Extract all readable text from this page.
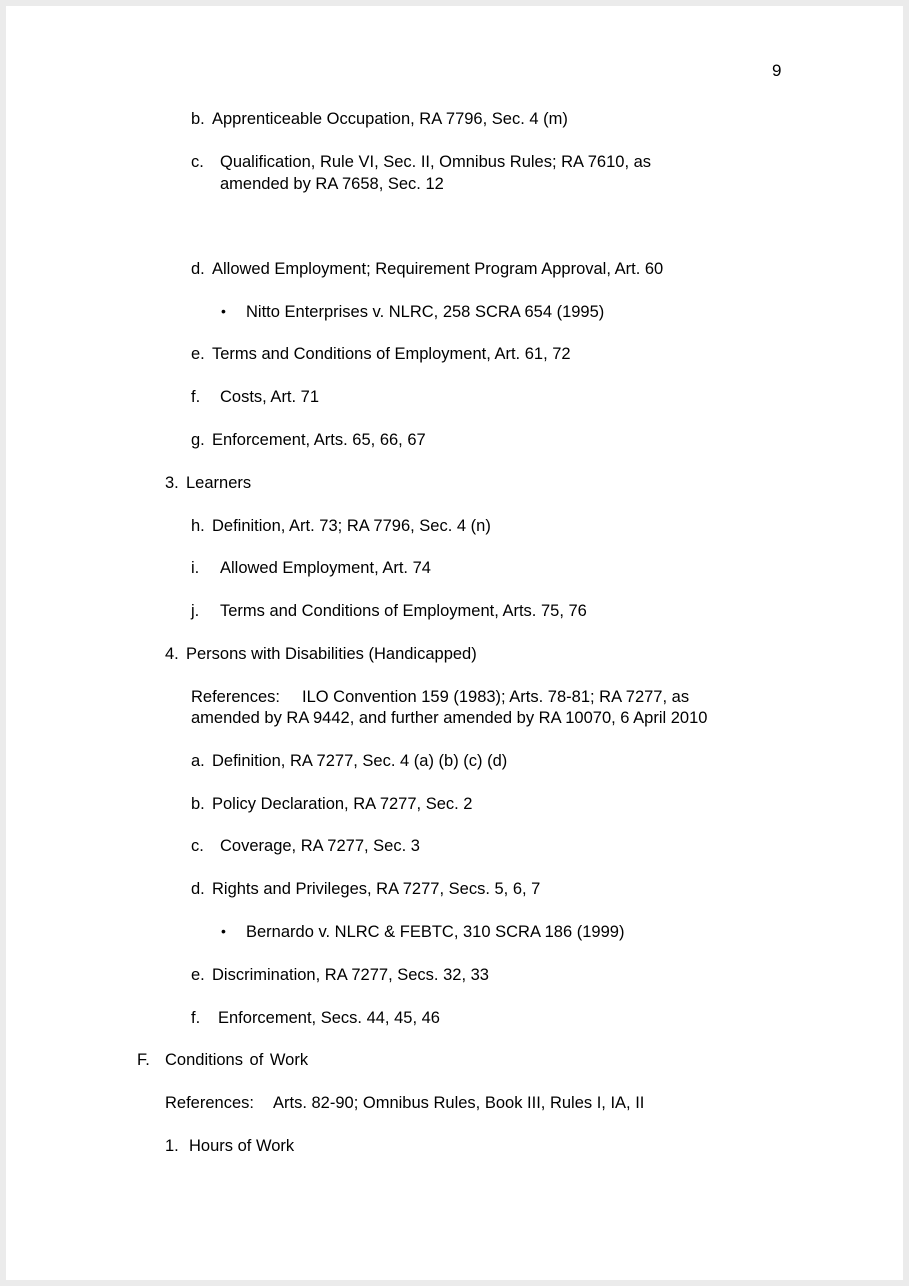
9
b. Apprenticeable Occupation, RA 7796, Sec. 4 (m)
c. Qualification, Rule VI, Sec. II, Omnibus Rules; RA 7610, as
amended by RA 7658, Sec. 12
d. Allowed Employment; Requirement Program Approval, Art. 60
• Nitto Enterprises v. NLRC, 258 SCRA 654 (1995)
e. Terms and Conditions of Employment, Art. 61, 72
f. Costs, Art. 71
g. Enforcement, Arts. 65, 66, 67
3. Learners
h. Definition, Art. 73; RA 7796, Sec. 4 (n)
i. Allowed Employment, Art. 74
j. Terms and Conditions of Employment, Arts. 75, 76
4. Persons with Disabilities (Handicapped)
References: ILO Convention 159 (1983); Arts. 78-81; RA 7277, as
amended by RA 9442, and further amended by RA 10070, 6 April 2010
a. Definition, RA 7277, Sec. 4 (a) (b) (c) (d)
b. Policy Declaration, RA 7277, Sec. 2
c. Coverage, RA 7277, Sec. 3
d. Rights and Privileges, RA 7277, Secs. 5, 6, 7
• Bernardo v. NLRC & FEBTC, 310 SCRA 186 (1999)
e. Discrimination, RA 7277, Secs. 32, 33
f. Enforcement, Secs. 44, 45, 46
F. Conditions of Work
References: Arts. 82-90; Omnibus Rules, Book III, Rules I, IA, II
1. Hours of Work
